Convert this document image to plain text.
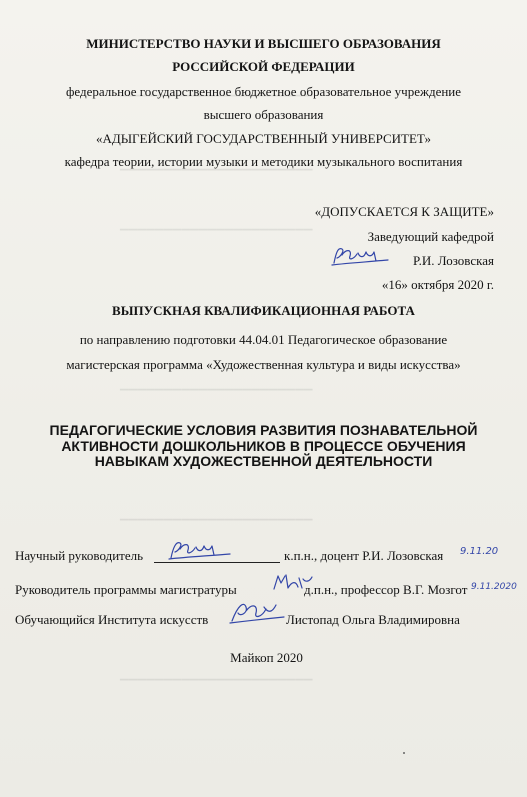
▔▔▔▔▔▔▔▔▔▔▔▔▔▔▔▔▔▔▔▔▔▔
▔▔▔▔▔▔▔▔▔▔▔▔▔▔▔▔▔▔▔▔▔▔
▔▔▔▔▔▔▔▔▔▔▔▔▔▔▔▔▔▔▔▔▔▔
▔▔▔▔▔▔▔▔▔▔▔▔▔▔▔▔▔▔▔▔▔▔
▔▔▔▔▔▔▔▔▔▔▔▔▔▔▔▔▔▔▔▔▔▔
▔▔▔▔▔▔▔▔▔▔▔▔▔▔▔▔▔▔▔▔▔▔
МИНИСТЕРСТВО НАУКИ И ВЫСШЕГО ОБРАЗОВАНИЯ
РОССИЙСКОЙ ФЕДЕРАЦИИ
федеральное государственное бюджетное образовательное учреждение
высшего образования
«АДЫГЕЙСКИЙ ГОСУДАРСТВЕННЫЙ УНИВЕРСИТЕТ»
кафедра теории, истории музыки и методики музыкального воспитания
«ДОПУСКАЕТСЯ К ЗАЩИТЕ»
Заведующий кафедрой
Р.И. Лозовская
«16» октября 2020 г.
ВЫПУСКНАЯ КВАЛИФИКАЦИОННАЯ РАБОТА
по направлению подготовки 44.04.01 Педагогическое образование
магистерская программа «Художественная культура и виды искусства»
ПЕДАГОГИЧЕСКИЕ УСЛОВИЯ РАЗВИТИЯ ПОЗНАВАТЕЛЬНОЙ
АКТИВНОСТИ ДОШКОЛЬНИКОВ В ПРОЦЕССЕ ОБУЧЕНИЯ
НАВЫКАМ ХУДОЖЕСТВЕННОЙ ДЕЯТЕЛЬНОСТИ
Научный руководитель	к.п.н., доцент Р.И. Лозовская 9.11.20
Руководитель программы магистратуры	д.п.н., профессор В.Г. Мозгот 9.11.2020
Обучающийся Института искусств	Листопад Ольга Владимировна
Майкоп 2020
